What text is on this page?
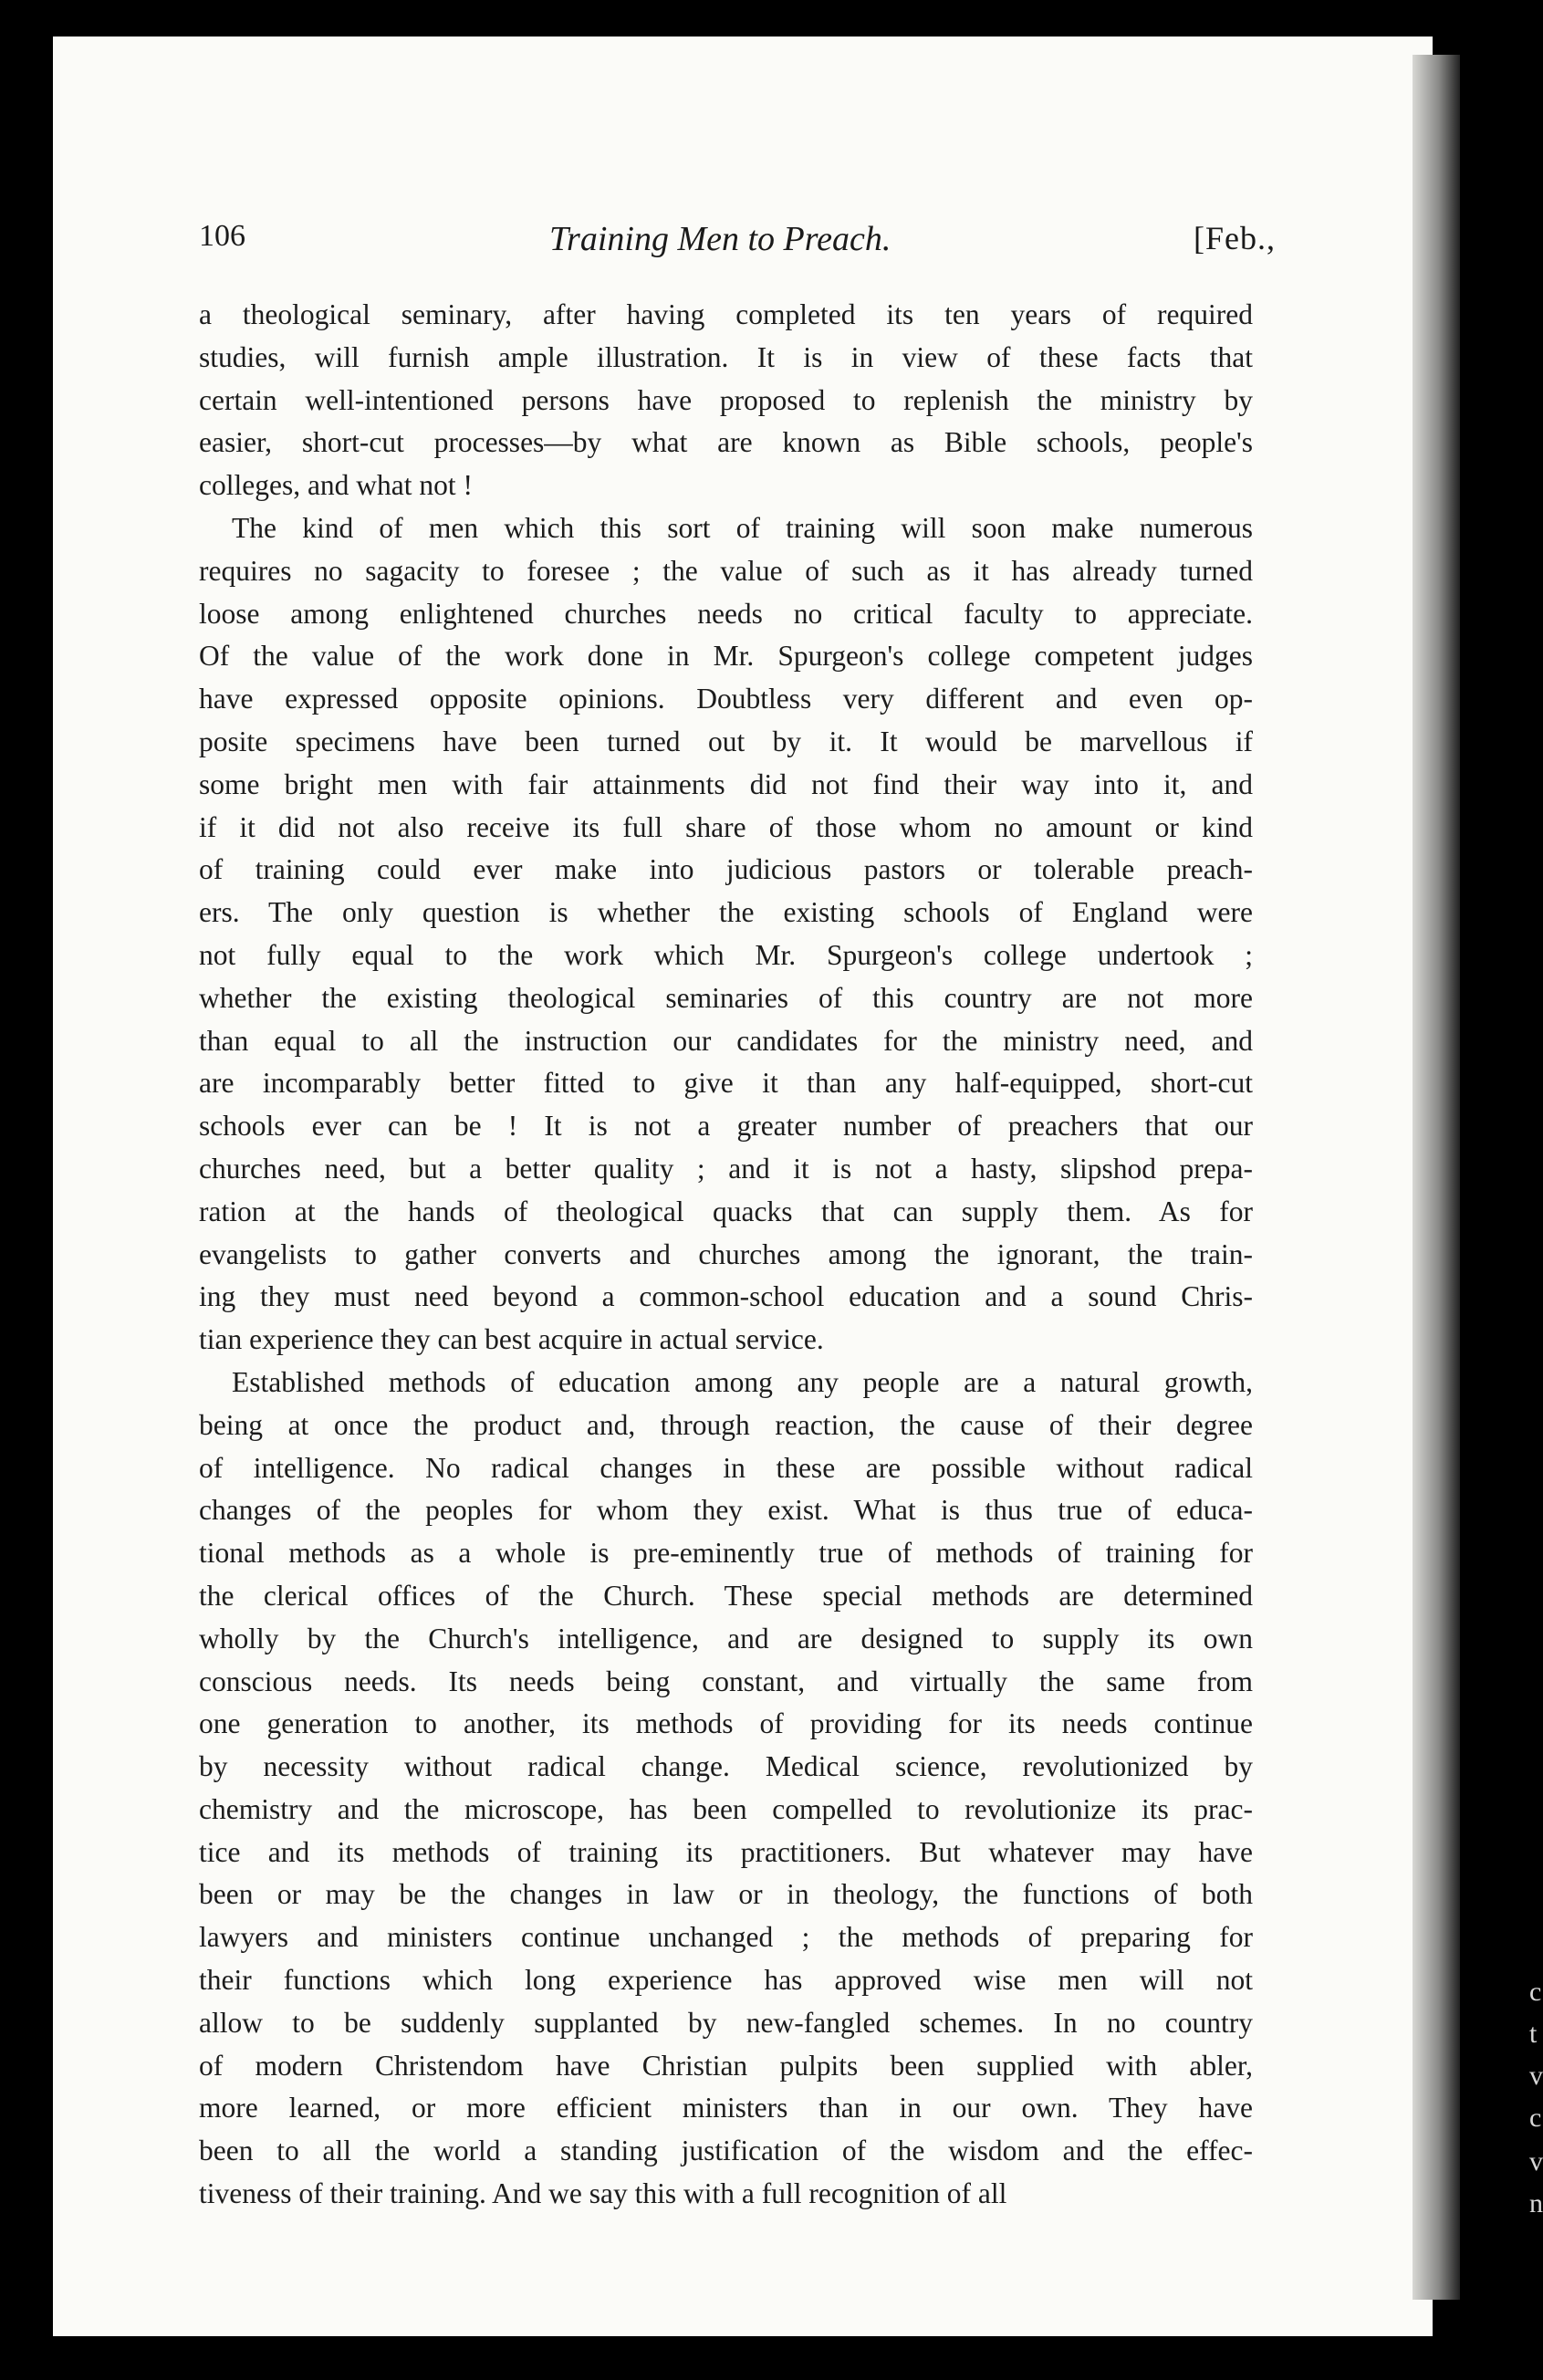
c
t
v
c
v
n
106	Training Men to Preach.	[Feb.,
a theological seminary, after having completed its ten years of required
studies, will furnish ample illustration. It is in view of these facts that
certain well-intentioned persons have proposed to replenish the ministry by
easier, short-cut processes—by what are known as Bible schools, people's
colleges, and what not !
The kind of men which this sort of training will soon make numerous
requires no sagacity to foresee ; the value of such as it has already turned
loose among enlightened churches needs no critical faculty to appreciate.
Of the value of the work done in Mr. Spurgeon's college competent judges
have expressed opposite opinions. Doubtless very different and even op-
posite specimens have been turned out by it. It would be marvellous if
some bright men with fair attainments did not find their way into it, and
if it did not also receive its full share of those whom no amount or kind
of training could ever make into judicious pastors or tolerable preach-
ers. The only question is whether the existing schools of England were
not fully equal to the work which Mr. Spurgeon's college undertook ;
whether the existing theological seminaries of this country are not more
than equal to all the instruction our candidates for the ministry need, and
are incomparably better fitted to give it than any half-equipped, short-cut
schools ever can be ! It is not a greater number of preachers that our
churches need, but a better quality ; and it is not a hasty, slipshod prepa-
ration at the hands of theological quacks that can supply them. As for
evangelists to gather converts and churches among the ignorant, the train-
ing they must need beyond a common-school education and a sound Chris-
tian experience they can best acquire in actual service.
Established methods of education among any people are a natural growth,
being at once the product and, through reaction, the cause of their degree
of intelligence. No radical changes in these are possible without radical
changes of the peoples for whom they exist. What is thus true of educa-
tional methods as a whole is pre-eminently true of methods of training for
the clerical offices of the Church. These special methods are determined
wholly by the Church's intelligence, and are designed to supply its own
conscious needs. Its needs being constant, and virtually the same from
one generation to another, its methods of providing for its needs continue
by necessity without radical change. Medical science, revolutionized by
chemistry and the microscope, has been compelled to revolutionize its prac-
tice and its methods of training its practitioners. But whatever may have
been or may be the changes in law or in theology, the functions of both
lawyers and ministers continue unchanged ; the methods of preparing for
their functions which long experience has approved wise men will not
allow to be suddenly supplanted by new-fangled schemes. In no country
of modern Christendom have Christian pulpits been supplied with abler,
more learned, or more efficient ministers than in our own. They have
been to all the world a standing justification of the wisdom and the effec-
tiveness of their training. And we say this with a full recognition of all
